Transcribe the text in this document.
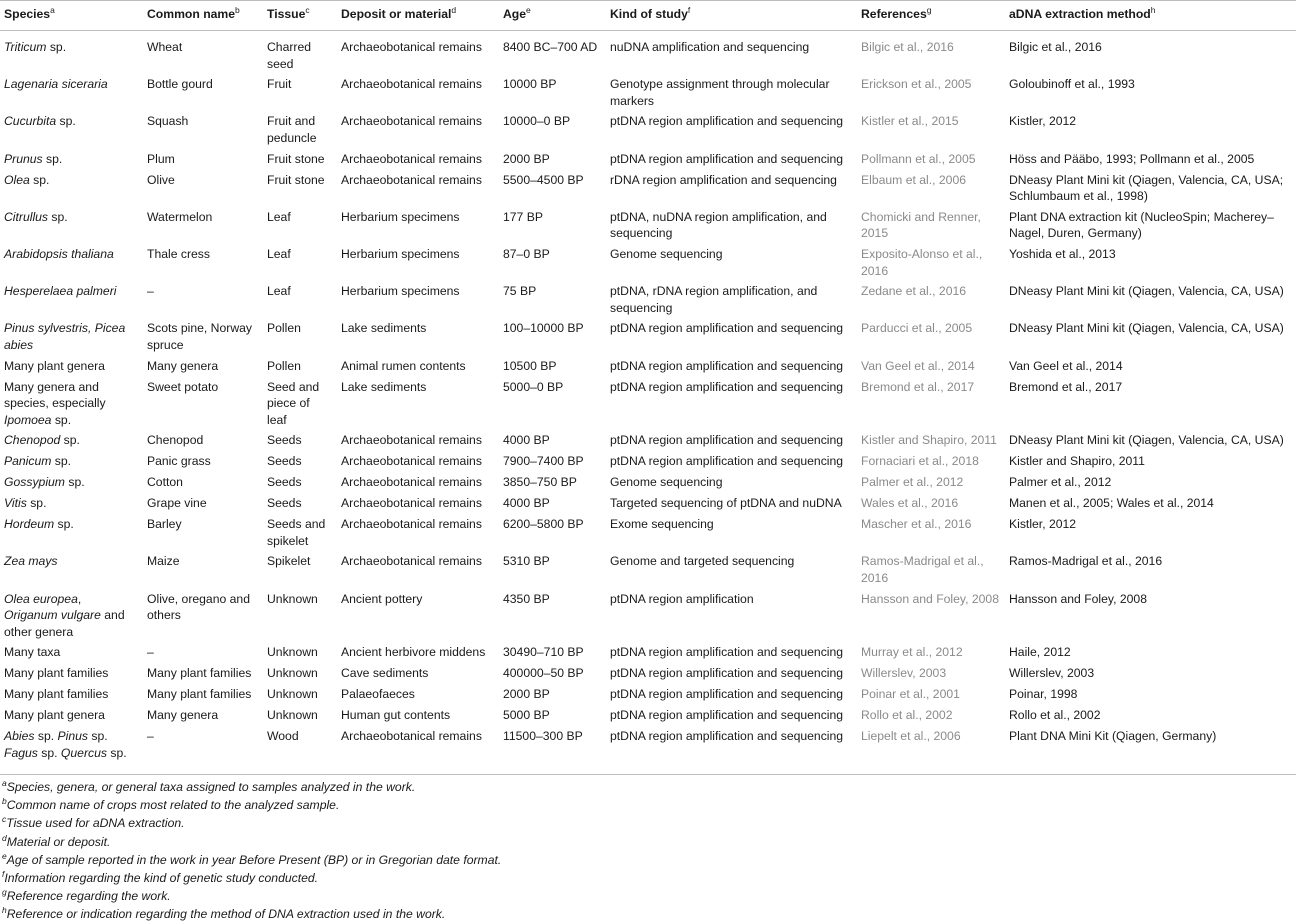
Species$^a$	Common name$^b$	Tissue$^c$	Deposit or material$^d$	Age$^e$	Kind of study$^f$	References$^g$	aDNA extraction method$^h$
Triticum sp.	Wheat	Charred seed	Archaeobotanical remains	8400 BC–700 AD	nuDNA amplification and sequencing	Bilgic et al., 2016	Bilgic et al., 2016
Lagenaria siceraria	Bottle gourd	Fruit	Archaeobotanical remains	10000 BP	Genotype assignment through molecular markers	Erickson et al., 2005	Goloubinoff et al., 1993
Cucurbita sp.	Squash	Fruit and peduncle	Archaeobotanical remains	10000–0 BP	ptDNA region amplification and sequencing	Kistler et al., 2015	Kistler, 2012
Prunus sp.	Plum	Fruit stone	Archaeobotanical remains	2000 BP	ptDNA region amplification and sequencing	Pollmann et al., 2005	Höss and Pääbo, 1993; Pollmann et al., 2005
Olea sp.	Olive	Fruit stone	Archaeobotanical remains	5500–4500 BP	rDNA region amplification and sequencing	Elbaum et al., 2006	DNeasy Plant Mini kit (Qiagen, Valencia, CA, USA; Schlumbaum et al., 1998)
Citrullus sp.	Watermelon	Leaf	Herbarium specimens	177 BP	ptDNA, nuDNA region amplification, and sequencing	Chomicki and Renner, 2015	Plant DNA extraction kit (NucleoSpin; Macherey–Nagel, Duren, Germany)
Arabidopsis thaliana	Thale cress	Leaf	Herbarium specimens	87–0 BP	Genome sequencing	Exposito-Alonso et al., 2016	Yoshida et al., 2013
Hesperelaea palmeri	–	Leaf	Herbarium specimens	75 BP	ptDNA, rDNA region amplification, and sequencing	Zedane et al., 2016	DNeasy Plant Mini kit (Qiagen, Valencia, CA, USA)
Pinus sylvestris, Picea abies	Scots pine, Norway spruce	Pollen	Lake sediments	100–10000 BP	ptDNA region amplification and sequencing	Parducci et al., 2005	DNeasy Plant Mini kit (Qiagen, Valencia, CA, USA)
Many plant genera	Many genera	Pollen	Animal rumen contents	10500 BP	ptDNA region amplification and sequencing	Van Geel et al., 2014	Van Geel et al., 2014
Many genera and species, especially Ipomoea sp.	Sweet potato	Seed and piece of leaf	Lake sediments	5000–0 BP	ptDNA region amplification and sequencing	Bremond et al., 2017	Bremond et al., 2017
Chenopod sp.	Chenopod	Seeds	Archaeobotanical remains	4000 BP	ptDNA region amplification and sequencing	Kistler and Shapiro, 2011	DNeasy Plant Mini kit (Qiagen, Valencia, CA, USA)
Panicum sp.	Panic grass	Seeds	Archaeobotanical remains	7900–7400 BP	ptDNA region amplification and sequencing	Fornaciari et al., 2018	Kistler and Shapiro, 2011
Gossypium sp.	Cotton	Seeds	Archaeobotanical remains	3850–750 BP	Genome sequencing	Palmer et al., 2012	Palmer et al., 2012
Vitis sp.	Grape vine	Seeds	Archaeobotanical remains	4000 BP	Targeted sequencing of ptDNA and nuDNA	Wales et al., 2016	Manen et al., 2005; Wales et al., 2014
Hordeum sp.	Barley	Seeds and spikelet	Archaeobotanical remains	6200–5800 BP	Exome sequencing	Mascher et al., 2016	Kistler, 2012
Zea mays	Maize	Spikelet	Archaeobotanical remains	5310 BP	Genome and targeted sequencing	Ramos-Madrigal et al., 2016	Ramos-Madrigal et al., 2016
Olea europea, Origanum vulgare and other genera	Olive, oregano and others	Unknown	Ancient pottery	4350 BP	ptDNA region amplification	Hansson and Foley, 2008	Hansson and Foley, 2008
Many taxa	–	Unknown	Ancient herbivore middens	30490–710 BP	ptDNA region amplification and sequencing	Murray et al., 2012	Haile, 2012
Many plant families	Many plant families	Unknown	Cave sediments	400000–50 BP	ptDNA region amplification and sequencing	Willerslev, 2003	Willerslev, 2003
Many plant families	Many plant families	Unknown	Palaeofaeces	2000 BP	ptDNA region amplification and sequencing	Poinar et al., 2001	Poinar, 1998
Many plant genera	Many genera	Unknown	Human gut contents	5000 BP	ptDNA region amplification and sequencing	Rollo et al., 2002	Rollo et al., 2002
Abies sp. Pinus sp. Fagus sp. Quercus sp.	–	Wood	Archaeobotanical remains	11500–300 BP	ptDNA region amplification and sequencing	Liepelt et al., 2006	Plant DNA Mini Kit (Qiagen, Germany)
$^a$Species, genera, or general taxa assigned to samples analyzed in the work.
$^b$Common name of crops most related to the analyzed sample.
$^c$Tissue used for aDNA extraction.
$^d$Material or deposit.
$^e$Age of sample reported in the work in year Before Present (BP) or in Gregorian date format.
$^f$Information regarding the kind of genetic study conducted.
$^g$Reference regarding the work.
$^h$Reference or indication regarding the method of DNA extraction used in the work.
